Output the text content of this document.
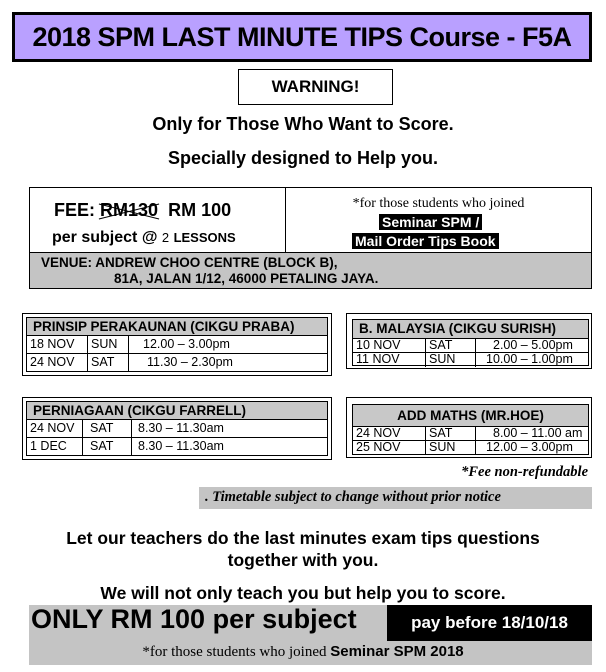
2018 SPM LAST MINUTE TIPS Course - F5A
WARNING!
Only for Those Who Want to Score.
Specially designed to Help you.
FEE: RM130 RM 100
per subject @ 2 LESSONS
*for those students who joined
Seminar SPM /
Mail Order Tips Book
VENUE: ANDREW CHOO CENTRE (BLOCK B),
81A, JALAN 1/12, 46000 PETALING JAYA.
PRINSIP PERAKAUNAN (CIKGU PRABA)
18 NOV	SUN	12.00 – 3.00pm
24 NOV	SAT	11.30 – 2.30pm
B. MALAYSIA (CIKGU SURISH)
10 NOV	SAT	2.00 – 5.00pm
11 NOV	SUN	10.00 – 1.00pm
PERNIAGAAN (CIKGU FARRELL)
24 NOV	SAT	8.30 – 11.30am
1 DEC	SAT	8.30 – 11.30am
ADD MATHS (MR.HOE)
24 NOV	SAT	8.00 – 11.00 am
25 NOV	SUN	12.00 – 3.00pm
*Fee non-refundable
. Timetable subject to change without prior notice
Let our teachers do the last minutes exam tips questions
together with you.
We will not only teach you but help you to score.
ONLY RM 100 per subject	pay before 18/10/18
*for those students who joined Seminar SPM 2018
